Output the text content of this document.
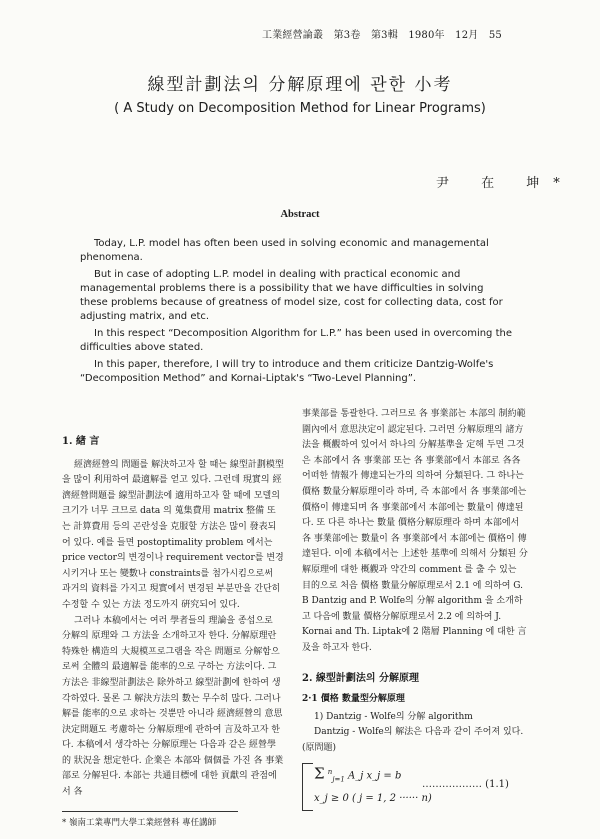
工業經營論叢 第3卷 第3輯 1980年 12月 55
線型計劃法의 分解原理에 관한 小考
( A Study on Decomposition Method for Linear Programs)
尹 在 坤*
Abstract

Today, L.P. model has often been used in solving economic and managemental phenomena.

But in case of adopting L.P. model in dealing with practical economic and managemental problems there is a possibility that we have difficulties in solving these problems because of greatness of model size, cost for collecting data, cost for adjusting matrix, and etc.

In this respect “Decomposition Algorithm for L.P.” has been used in overcoming the difficulties above stated.

In this paper, therefore, I will try to introduce and them criticize Dantzig-Wolfe's “Decomposition Method” and Kornai-Liptak's “Two-Level Planning”.

1. 緖 言

經濟經營의 問題를 解決하고자 할 때는 線型計劃模型을 많이 利用하여 最適解를 얻고 있다. 그런데 現實의 經濟經營問題를 線型計劃法에 適用하고자 할 때에 모델의 크기가 너무 크므로 data 의 蒐集費用 matrix 整備 또는 計算費用 등의 곤란성을 克服할 方法은 많이 發表되어 있다. 예를 들면 postoptimality problem 에서는 price vector의 변경이나 requirement vector를 변경시키거나 또는 變數나 constraints를 첨가시킴으로써 과거의 資料를 가지고 現實에서 변경된 부분만을 간단히 수정할 수 있는 方法 정도까지 硏究되어 있다.

그러나 本稿에서는 여러 學者들의 理論을 종섭으로 分解의 原理와 그 方法을 소개하고자 한다. 分解原理란 特殊한 構造의 大規模프로그램을 작은 問題로 分解함으로써 全體의 最適解를 能率的으로 구하는 方法이다. 그 方法은 非線型計劃法은 除外하고 線型計劃에 한하여 생각하였다. 물론 그 解決方法의 數는 무수히 많다. 그러나 解를 能率的으로 求하는 것뿐만 아니라 經濟經營의 意思決定問題도 考慮하는 分解原理에 관하여 言及하고자 한다. 本稿에서 생각하는 分解原理는 다음과 같은 經營學的 狀況을 想定한다. 企業은 本部와 個個를 가진 各 事業部로 分解된다. 本部는 共通目標에 대한 貢獻의 관점에서 各

事業部를 통괄한다. 그러므로 各 事業部는 本部의 制約範圍內에서 意思決定이 認定된다. 그러면 分解原理의 諸方法을 概觀하여 있어서 하나의 分解基準을 定해 두면 그것은 本部에서 各 事業部 또는 各 事業部에서 本部로 各各 어떠한 情報가 傳達되는가의 의하여 分類된다. 그 하나는 價格 數量分解原理이라 하며, 즉 本部에서 各 事業部에는 價格이 傳達되며 各 事業部에서 本部에는 數量이 傳達된다. 또 다른 하나는 數量 價格分解原理라 하며 本部에서 各 事業部에는 數量이 各 事業部에서 本部에는 價格이 傳達된다. 이에 本稿에서는 上述한 基準에 의해서 分類된 分解原理에 대한 概觀과 약간의 comment 를 출 수 있는 目的으로 처음 價格 數量分解原理로서 2.1 에 의하여 G. B Dantzig and P. Wolfe의 分解 algorithm 을 소개하고 다음에 數量 價格分解原理로서 2.2 에 의하여 J. Kornai and Th. Liptak에 2 階層 Planning 에 대한 言及을 하고자 한다.

2. 線型計劃法의 分解原理
2·1 價格 數量型分解原理

1) Dantzig - Wolfe의 分解 algorithm

Dantzig - Wolfe의 解法은 다음과 같이 주어져 있다.

(原問題)

Σ $^n_{j=1}$ A_j x_j = b
x_j ≥ 0 ( j = 1, 2 ······ n)
……………… (1.1)
* 嶺南工業專門大學工業經營科 專任講師
